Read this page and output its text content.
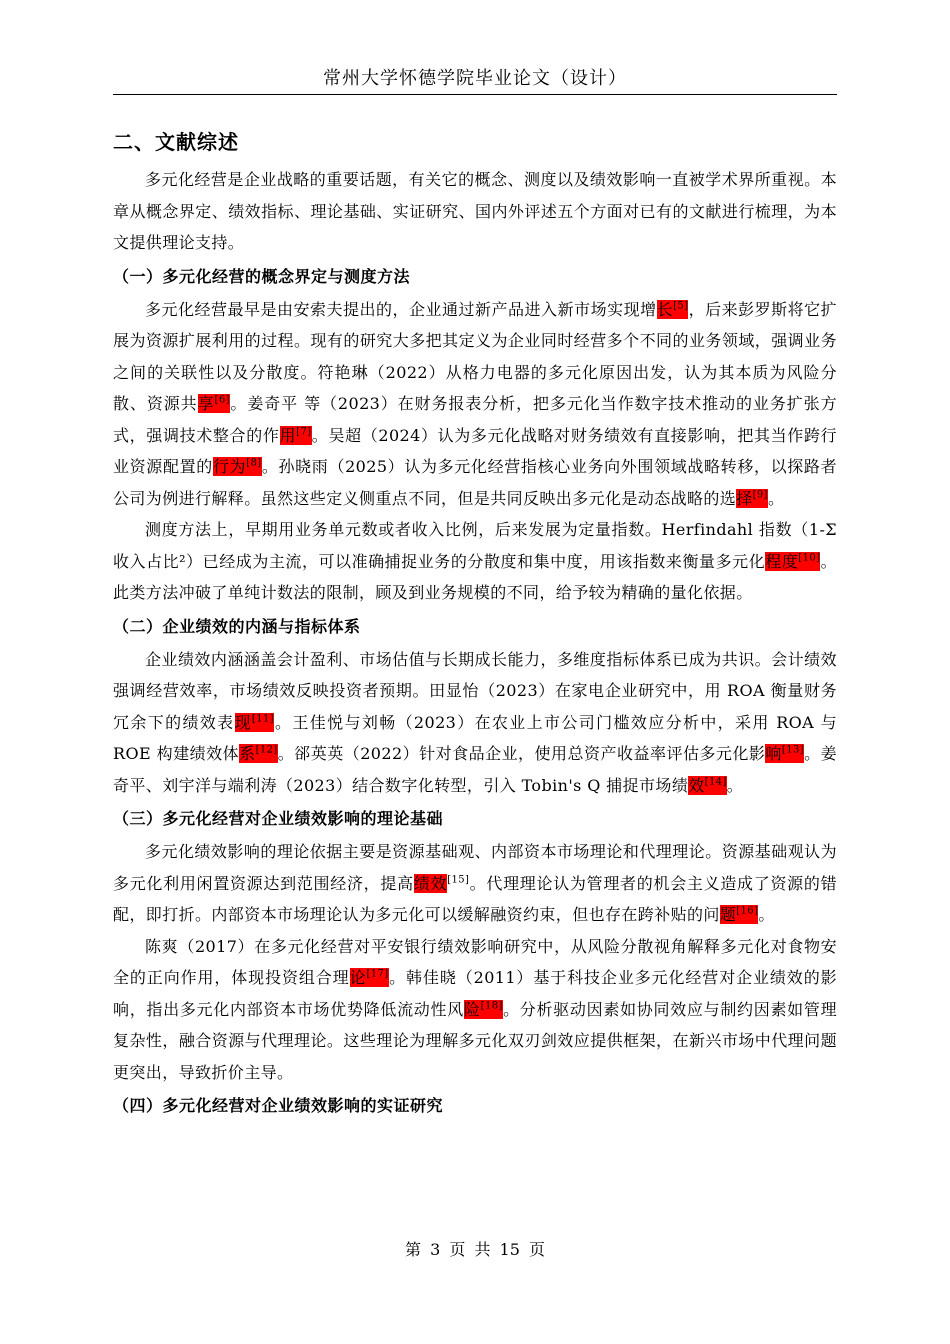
常州大学怀德学院毕业论文（设计）
二、文献综述

多元化经营是企业战略的重要话题，有关它的概念、测度以及绩效影响一直被学术界所重视。本章从概念界定、绩效指标、理论基础、实证研究、国内外评述五个方面对已有的文献进行梳理，为本文提供理论支持。

（一）多元化经营的概念界定与测度方法

多元化经营最早是由安索夫提出的，企业通过新产品进入新市场实现增长[5]，后来彭罗斯将它扩展为资源扩展利用的过程。现有的研究大多把其定义为企业同时经营多个不同的业务领域，强调业务之间的关联性以及分散度。符艳琳（2022）从格力电器的多元化原因出发，认为其本质为风险分散、资源共享[6]。姜奇平 等（2023）在财务报表分析，把多元化当作数字技术推动的业务扩张方式，强调技术整合的作用[7]。吴超（2024）认为多元化战略对财务绩效有直接影响，把其当作跨行业资源配置的行为[8]。孙晓雨（2025）认为多元化经营指核心业务向外围领域战略转移，以探路者公司为例进行解释。虽然这些定义侧重点不同，但是共同反映出多元化是动态战略的选择[9]。

测度方法上，早期用业务单元数或者收入比例，后来发展为定量指数。Herfindahl 指数（1-Σ收入占比²）已经成为主流，可以准确捕捉业务的分散度和集中度，用该指数来衡量多元化程度[10]。此类方法冲破了单纯计数法的限制，顾及到业务规模的不同，给予较为精确的量化依据。

（二）企业绩效的内涵与指标体系

企业绩效内涵涵盖会计盈利、市场估值与长期成长能力，多维度指标体系已成为共识。会计绩效强调经营效率，市场绩效反映投资者预期。田显怡（2023）在家电企业研究中，用 ROA 衡量财务冗余下的绩效表现[11]。王佳悦与刘畅（2023）在农业上市公司门槛效应分析中，采用 ROA 与 ROE 构建绩效体系[12]。郤英英（2022）针对食品企业，使用总资产收益率评估多元化影响[13]。姜奇平、刘宇洋与端利涛（2023）结合数字化转型，引入 Tobin's Q 捕捉市场绩效[14]。

（三）多元化经营对企业绩效影响的理论基础

多元化绩效影响的理论依据主要是资源基础观、内部资本市场理论和代理理论。资源基础观认为多元化利用闲置资源达到范围经济，提高绩效[15]。代理理论认为管理者的机会主义造成了资源的错配，即打折。内部资本市场理论认为多元化可以缓解融资约束，但也存在跨补贴的问题[16]。

陈爽（2017）在多元化经营对平安银行绩效影响研究中，从风险分散视角解释多元化对食物安全的正向作用，体现投资组合理论[17]。韩佳晓（2011）基于科技企业多元化经营对企业绩效的影响，指出多元化内部资本市场优势降低流动性风险[18]。分析驱动因素如协同效应与制约因素如管理复杂性，融合资源与代理理论。这些理论为理解多元化双刃剑效应提供框架，在新兴市场中代理问题更突出，导致折价主导。

（四）多元化经营对企业绩效影响的实证研究
第 3 页 共 15 页
